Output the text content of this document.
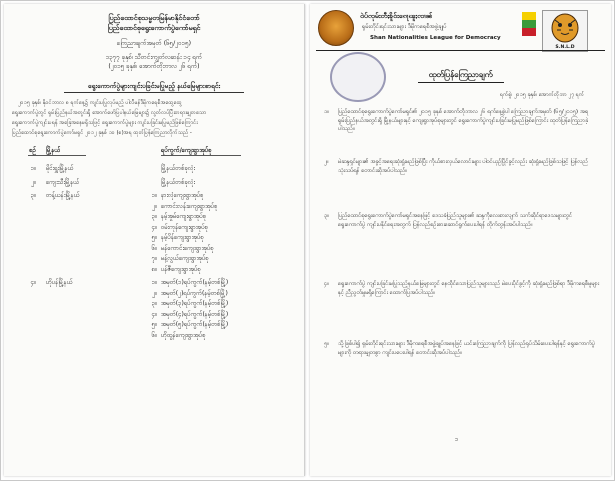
ပြည်ထောင်စုသမ္မတမြန်မာနိုင်ငံတော်
ပြည်ထောင်စုရွေးကောက်ပွဲကော်မရှင်
ကြေညာချက်အမှတ် (၆၅/၂၀၁၅)
၁၃၇၇ ခုနှစ်၊ သီတင်းကျွတ်လဆန်း ၁၄ ရက်
(၂၀၁၅ ခုနှစ်၊ အောက်တိုဘာလ ၂၆ ရက်)
ရွေးကောက်ပွဲများကျင်းပခြင်းမပြုမည့် နယ်မြေများစာရင်း
၂၀၁၅ ခုနှစ်၊ နိုဝင်ဘာလ ၈ ရက်နေ့၌ ကျင်းပပြုလုပ်မည့် ပါလီမန်ဒီမိုကရေစီအထွေထွေ
ရွေးကောက်ပွဲတွင် ရှမ်းပြည်နယ်အတွင်းရှိ အောက်ဖော်ပြပါနယ်မြေများ၌ လွတ်လပ်ပြီးတရားမျှတသော
ရွေးကောက်ပွဲကျင်းပရန် အခြေအနေမရှိသဖြင့် ရွေးကောက်ပွဲများ ကျင်းပခြင်းမပြုမည်ဖြစ်ကြောင်း
ပြည်ထောင်စုရွေးကောက်ပွဲကော်မရှင် ၂၀၁၂ ခုနှစ် ၁၀ (စ)အရ ထုတ်ပြန်ကြေညာလိုက်သည် -
စဉ် မြို့နယ်	ရပ်ကွက်/ကျေးရွာအုပ်စု
၁။ မိုင်းရှူးမြို့နယ်	မြို့နယ်တစ်ခုလုံး
၂။ ကျေးသီးမြို့နယ်	မြို့နယ်တစ်ခုလုံး
၃။ တန့်ယန်းမြို့နယ်	၁။ နားလုံကျေးရွာအုပ်စု
၂။ ကောင်းလန်းကျေးရွာအုပ်စု
၃။ နမ့်အှုမ်ကျေးရွာအုပ်စု
၄။ ဝမ်းကုန်ကျေးရွာအုပ်စု
၅။ နမ့်ပိန်ကျေးရွာအုပ်စု
၆။ မန်ကောင်းကျေးရွာအုပ်စု
၇။ မန့်လွယ်ကျေးရွာအုပ်စု
၈။ ပန်ဇီကျေးရွာအုပ်စု
၄။ ဟိုပန်မြို့နယ်	၁။ အမှတ်(၁)ရပ်ကွက်(နမ့်တစ်မြို့)
၂။ အမှတ်(၂)ရပ်ကွက်(နမ့်တစ်မြို့)
၃။ အမှတ်(၃)ရပ်ကွက်(နမ့်တစ်မြို့)
၄။ အမှတ်(၄)ရပ်ကွက်(နမ့်တစ်မြို့)
၅။ အမှတ်(၅)ရပ်ကွက်(နမ့်တစ်မြို့)
၆။ ဟိုထွန်ကျေးရွာအုပ်စု
ဝဲပ်ၸုမ်းတီႈၶိူဝ်းၵေႃၽူႈၸၢၼ်
ရှမ်းတိုင်းရင်းသားများ ဒီမိုကရေစီအဖွဲ့ချုပ်
Shan Nationalities League for Democracy
S.N.L.D
ထုတ်ပြန်ကြေညာချက်
ရက်စွဲ၊ ၂၀၁၅ ခုနှစ်၊ အောက်တိုဘာ ၂၇ ရက်
၁
၁။ ပြည်ထောင်စုရွေးကောက်ပွဲကော်မရှင်၏ ၂၀၁၅ ခုနှစ် အောက်တိုဘာလ ၂၆ ရက်နေ့စွဲပါ ကြေညာချက်အမှတ် (၆၅/၂၀၁၅) အရ ရှမ်းပြည်နယ်အတွင်းရှိ မြို့နယ်များနှင့် ကျေးရွာအုပ်စုများတွင် ရွေးကောက်ပွဲကျင်းပခြင်းမပြုမည်ဖြစ်ကြောင်း ထုတ်ပြန်ကြေညာခဲ့ပါသည်။
၂။ မဲဆန္ဒရှင်များ၏ အခွင့်အရေးဆုံးရှုံးမည်ဖြစ်ပြီး ကိုယ်စားလှယ်လောင်းများ ပါဝင်ယှဉ်ပြိုင်ခွင့်လည်း ဆုံးရှုံးမည်ဖြစ်သဖြင့် ပြန်လည်သုံးသပ်ရန် တောင်းဆိုအပ်ပါသည်။
၃။ ပြည်ထောင်စုရွေးကောက်ပွဲကော်မရှင်အနေဖြင့် ဒေသခံပြည်သူများ၏ ဆန္ဒကိုလေးစားလျက် သက်ဆိုင်ရာဒေသများတွင် ရွေးကောက်ပွဲ ကျင်းပနိုင်ရေးအတွက် ပြန်လည်စဉ်းစားဆောင်ရွက်ပေးပါရန် တိုက်တွန်းအပ်ပါသည်။
၄။ ရွေးကောက်ပွဲ ကျင်းပခြင်းမပြုသည့်နယ်မြေများတွင် နေထိုင်သောပြည်သူများသည် မဲပေးပိုင်ခွင့်ကို ဆုံးရှုံးမည်ဖြစ်ရာ ဒီမိုကရေစီမူများနှင့် ညီညွတ်မှုမရှိကြောင်း ထောက်ပြအပ်ပါသည်။
၅။ သို့ဖြစ်ပါ၍ ရှမ်းတိုင်းရင်းသားများ ဒီမိုကရေစီအဖွဲ့ချုပ်အနေဖြင့် ယင်းကြေညာချက်ကို ပြန်လည်ရုပ်သိမ်းပေးပါရန်နှင့် ရွေးကောက်ပွဲများကို တရားမျှတစွာ ကျင်းပပေးပါရန် တောင်းဆိုအပ်ပါသည်။
